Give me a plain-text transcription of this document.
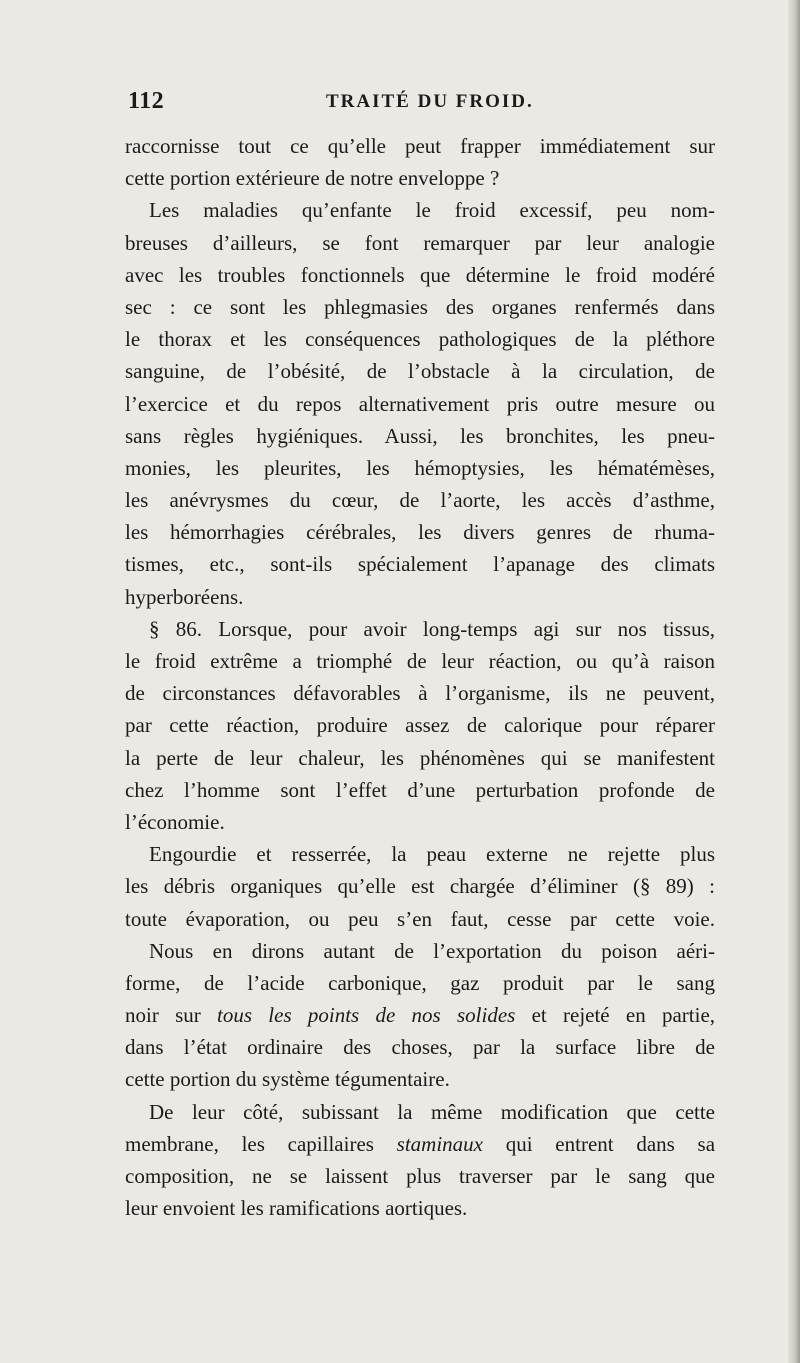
112	TRAITÉ DU FROID.
raccornisse tout ce qu’elle peut frapper immédiatement sur
cette portion extérieure de notre enveloppe ?
Les maladies qu’enfante le froid excessif, peu nom-
breuses d’ailleurs, se font remarquer par leur analogie
avec les troubles fonctionnels que détermine le froid modéré
sec : ce sont les phlegmasies des organes renfermés dans
le thorax et les conséquences pathologiques de la pléthore
sanguine, de l’obésité, de l’obstacle à la circulation, de
l’exercice et du repos alternativement pris outre mesure ou
sans règles hygiéniques. Aussi, les bronchites, les pneu-
monies, les pleurites, les hémoptysies, les hématémèses,
les anévrysmes du cœur, de l’aorte, les accès d’asthme,
les hémorrhagies cérébrales, les divers genres de rhuma-
tismes, etc., sont-ils spécialement l’apanage des climats
hyperboréens.
§ 86. Lorsque, pour avoir long-temps agi sur nos tissus,
le froid extrême a triomphé de leur réaction, ou qu’à raison
de circonstances défavorables à l’organisme, ils ne peuvent,
par cette réaction, produire assez de calorique pour réparer
la perte de leur chaleur, les phénomènes qui se manifestent
chez l’homme sont l’effet d’une perturbation profonde de
l’économie.
Engourdie et resserrée, la peau externe ne rejette plus
les débris organiques qu’elle est chargée d’éliminer (§ 89) :
toute évaporation, ou peu s’en faut, cesse par cette voie.
Nous en dirons autant de l’exportation du poison aéri-
forme, de l’acide carbonique, gaz produit par le sang
noir sur tous les points de nos solides et rejeté en partie,
dans l’état ordinaire des choses, par la surface libre de
cette portion du système tégumentaire.
De leur côté, subissant la même modification que cette
membrane, les capillaires staminaux qui entrent dans sa
composition, ne se laissent plus traverser par le sang que
leur envoient les ramifications aortiques.
